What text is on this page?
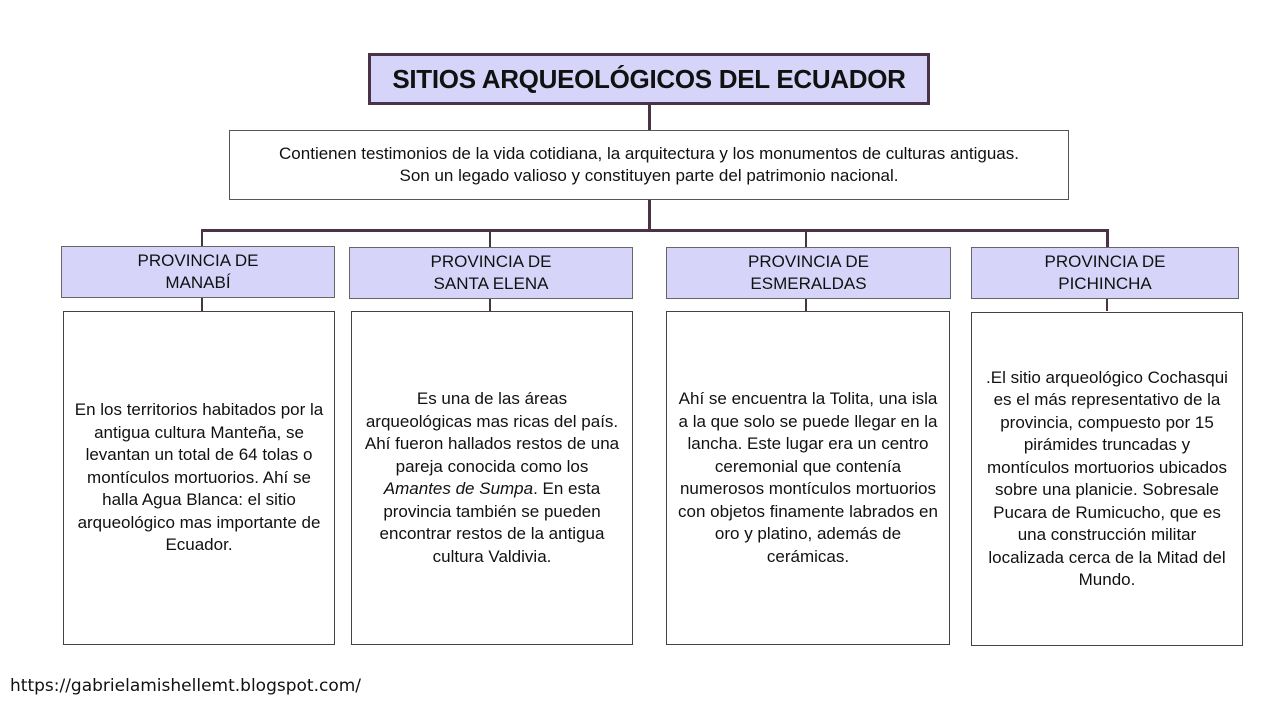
SITIOS ARQUEOLÓGICOS DEL ECUADOR
Contienen testimonios de la vida cotidiana, la arquitectura y los monumentos de culturas antiguas.
Son un legado valioso y constituyen parte del patrimonio nacional.
PROVINCIA DE
MANABÍ
PROVINCIA DE
SANTA ELENA
PROVINCIA DE
ESMERALDAS
PROVINCIA DE
PICHINCHA

En los territorios habitados por la antigua cultura Manteña, se levantan un total de 64 tolas o montículos mortuorios. Ahí se halla Agua Blanca: el sitio arqueológico mas importante de Ecuador.

Es una de las áreas arqueológicas mas ricas del país. Ahí fueron hallados restos de una pareja conocida como los Amantes de Sumpa. En esta provincia también se pueden encontrar restos de la antigua cultura Valdivia.

Ahí se encuentra la Tolita, una isla a la que solo se puede llegar en la lancha. Este lugar era un centro ceremonial que contenía numerosos montículos mortuorios con objetos finamente labrados en oro y platino, además de cerámicas.

.El sitio arqueológico Cochasqui es el más representativo de la provincia, compuesto por 15 pirámides truncadas y montículos mortuorios ubicados sobre una planicie. Sobresale Pucara de Rumicucho, que es una construcción militar localizada cerca de la Mitad del Mundo.

https://gabrielamishellemt.blogspot.com/
